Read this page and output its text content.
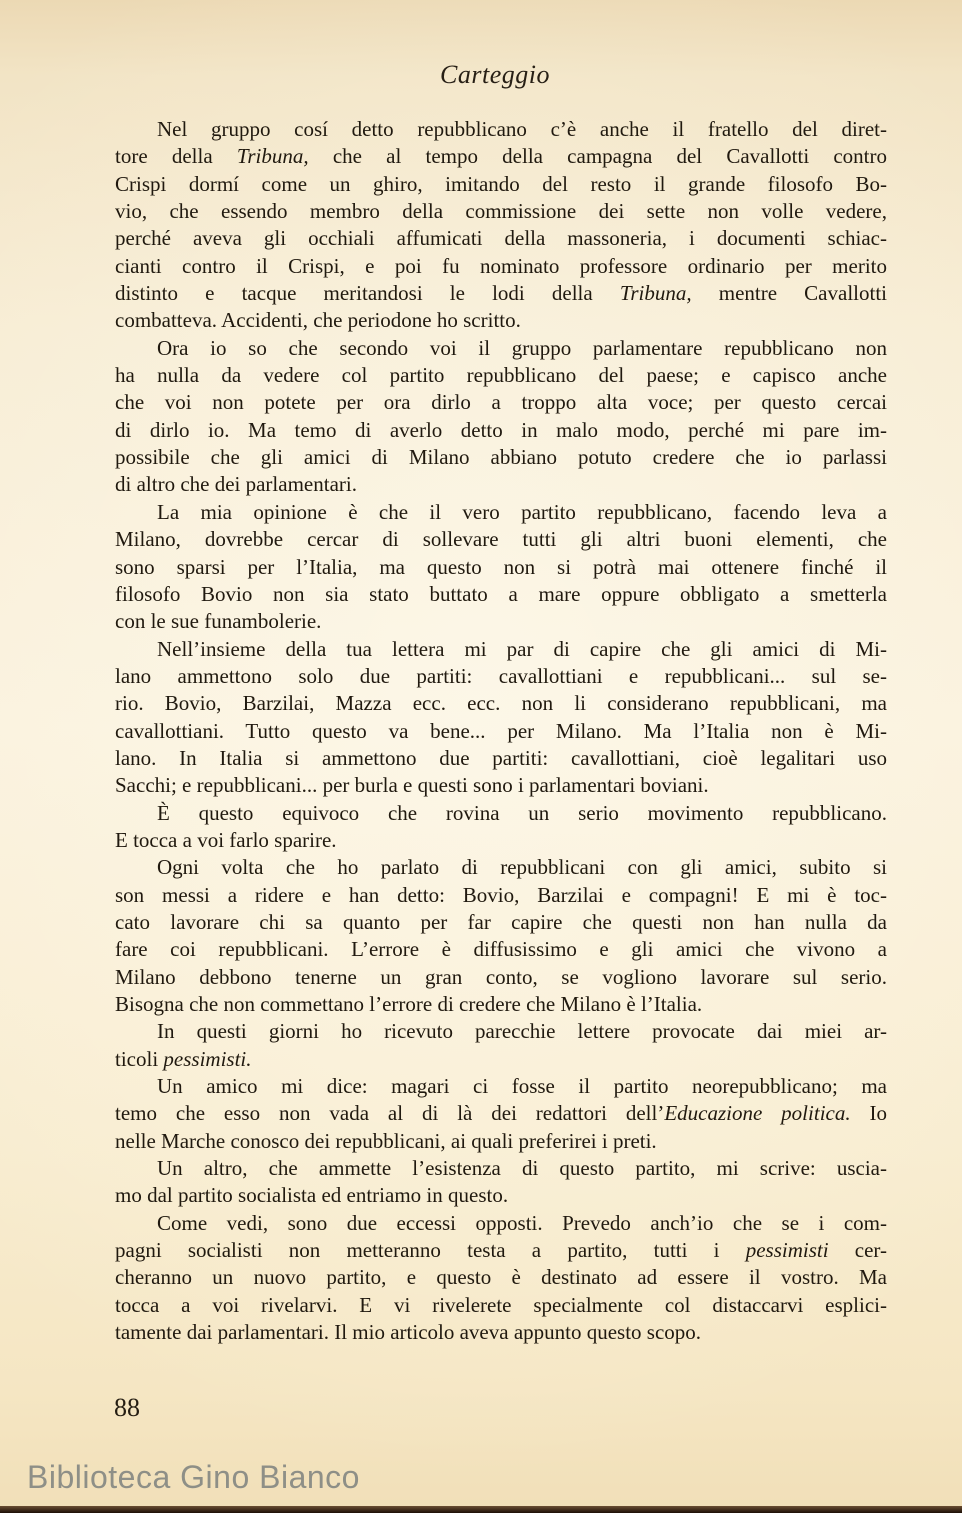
Carteggio

Nel gruppo cosí detto repubblicano c’è anche il fratello del diret-
tore della Tribuna, che al tempo della campagna del Cavallotti contro
Crispi dormí come un ghiro, imitando del resto il grande filosofo Bo-
vio, che essendo membro della commissione dei sette non volle vedere,
perché aveva gli occhiali affumicati della massoneria, i documenti schiac-
cianti contro il Crispi, e poi fu nominato professore ordinario per merito
distinto e tacque meritandosi le lodi della Tribuna, mentre Cavallotti
combatteva. Accidenti, che periodone ho scritto.

Ora io so che secondo voi il gruppo parlamentare repubblicano non
ha nulla da vedere col partito repubblicano del paese; e capisco anche
che voi non potete per ora dirlo a troppo alta voce; per questo cercai
di dirlo io. Ma temo di averlo detto in malo modo, perché mi pare im-
possibile che gli amici di Milano abbiano potuto credere che io parlassi
di altro che dei parlamentari.

La mia opinione è che il vero partito repubblicano, facendo leva a
Milano, dovrebbe cercar di sollevare tutti gli altri buoni elementi, che
sono sparsi per l’Italia, ma questo non si potrà mai ottenere finché il
filosofo Bovio non sia stato buttato a mare oppure obbligato a smetterla
con le sue funambolerie.

Nell’insieme della tua lettera mi par di capire che gli amici di Mi-
lano ammettono solo due partiti: cavallottiani e repubblicani... sul se-
rio. Bovio, Barzilai, Mazza ecc. ecc. non li considerano repubblicani, ma
cavallottiani. Tutto questo va bene... per Milano. Ma l’Italia non è Mi-
lano. In Italia si ammettono due partiti: cavallottiani, cioè legalitari uso
Sacchi; e repubblicani... per burla e questi sono i parlamentari boviani.

È questo equivoco che rovina un serio movimento repubblicano.
E tocca a voi farlo sparire.

Ogni volta che ho parlato di repubblicani con gli amici, subito si
son messi a ridere e han detto: Bovio, Barzilai e compagni! E mi è toc-
cato lavorare chi sa quanto per far capire che questi non han nulla da
fare coi repubblicani. L’errore è diffusissimo e gli amici che vivono a
Milano debbono tenerne un gran conto, se vogliono lavorare sul serio.
Bisogna che non commettano l’errore di credere che Milano è l’Italia.

In questi giorni ho ricevuto parecchie lettere provocate dai miei ar-
ticoli pessimisti.

Un amico mi dice: magari ci fosse il partito neorepubblicano; ma
temo che esso non vada al di là dei redattori dell’Educazione politica. Io
nelle Marche conosco dei repubblicani, ai quali preferirei i preti.

Un altro, che ammette l’esistenza di questo partito, mi scrive: uscia-
mo dal partito socialista ed entriamo in questo.

Come vedi, sono due eccessi opposti. Prevedo anch’io che se i com-
pagni socialisti non metteranno testa a partito, tutti i pessimisti cer-
cheranno un nuovo partito, e questo è destinato ad essere il vostro. Ma
tocca a voi rivelarvi. E vi rivelerete specialmente col distaccarvi esplici-
tamente dai parlamentari. Il mio articolo aveva appunto questo scopo.

88
Biblioteca Gino Bianco
